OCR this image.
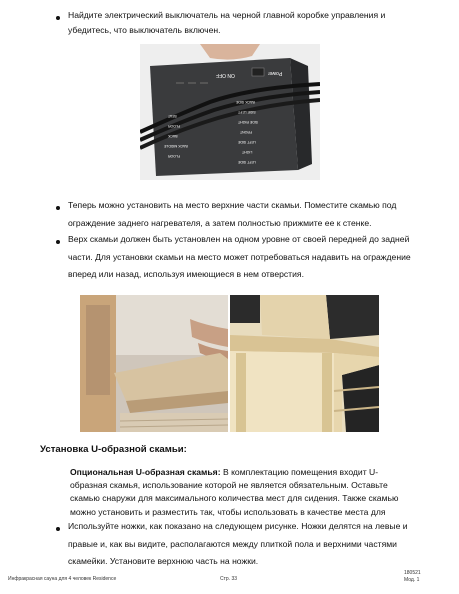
Найдите электрический выключатель на черной главной коробке управления и убедитесь, что выключатель включен.
Power
ON OFF
SEAT
FLOOR
BACK
BACK MIDDLE
FLOOR
BACK SIDE
SIDE LEFT
SIDE RIGHT
FRONT
LEFT SIDE
LIGHT
LEFT SIDE
Теперь можно установить на место верхние части скамьи. Поместите скамью под
ограждение заднего нагревателя, а затем полностью прижмите ее к стенке.
Верх скамьи должен быть установлен на одном уровне от своей передней до задней
части. Для установки скамьи на место может потребоваться надавить на ограждение
вперед или назад, используя имеющиеся в нем отверстия.
Установка U-образной скамьи:
Опциональная U-образная скамья: В комплектацию помещения входит U-
образная скамья, использование которой не является обязательным. Оставьте
скамью снаружи для максимального количества мест для сидения. Также скамью
можно установить и разместить так, чтобы использовать в качестве места для
Используйте ножки, как показано на следующем рисунке. Ножки делятся на левые и
правые и, как вы видите, располагаются между плиткой пола и верхними частями
скамейки. Установите верхнюю часть на ножки.
Инфракрасная сауна для 4 человек Residence	Стр. 33
180521
Мод. 1
